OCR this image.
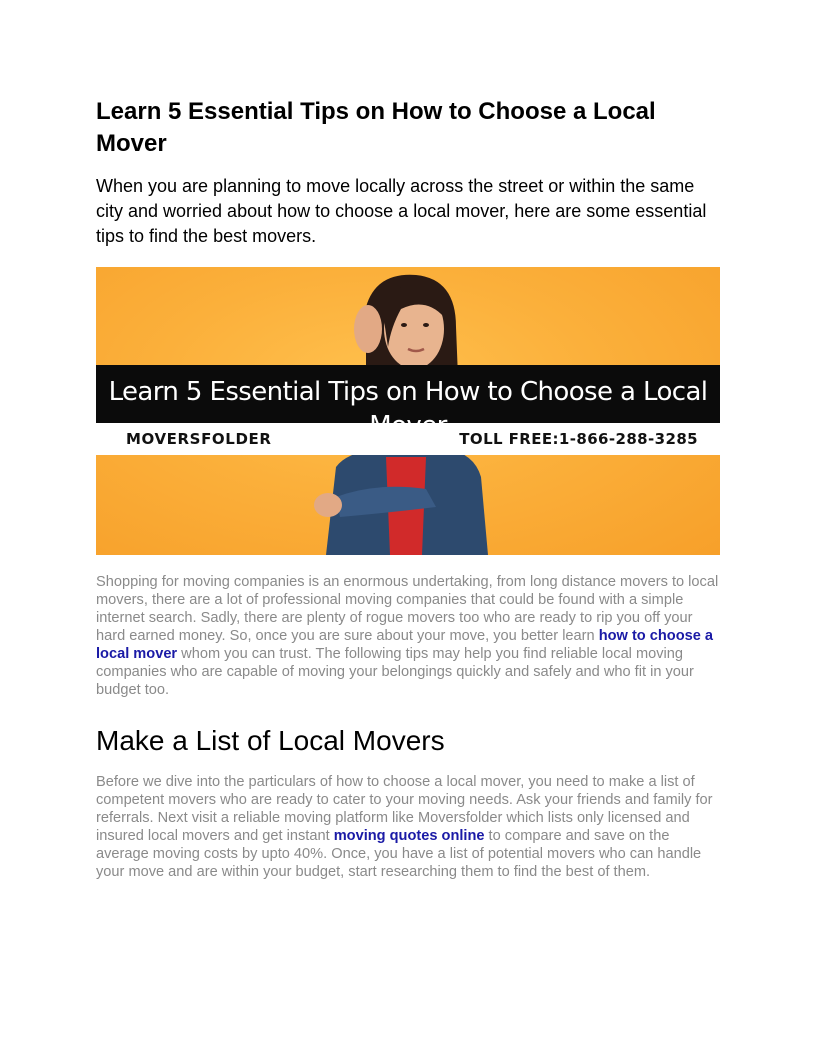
Learn 5 Essential Tips on How to Choose a Local Mover

When you are planning to move locally across the street or within the same city and worried about how to choose a local mover, here are some essential tips to find the best movers.

Learn 5 Essential Tips on How to Choose a Local
MOVERSFOLDER	TOLL FREE:1-866-288-3285

Shopping for moving companies is an enormous undertaking, from long distance movers to local movers, there are a lot of professional moving companies that could be found with a simple internet search. Sadly, there are plenty of rogue movers too who are ready to rip you off your hard earned money. So, once you are sure about your move, you better learn how to choose a local mover whom you can trust. The following tips may help you find reliable local moving companies who are capable of moving your belongings quickly and safely and who fit in your budget too.

Make a List of Local Movers

Before we dive into the particulars of how to choose a local mover, you need to make a list of competent movers who are ready to cater to your moving needs. Ask your friends and family for referrals. Next visit a reliable moving platform like Moversfolder which lists only licensed and insured local movers and get instant moving quotes online to compare and save on the average moving costs by upto 40%. Once, you have a list of potential movers who can handle your move and are within your budget, start researching them to find the best of them.
